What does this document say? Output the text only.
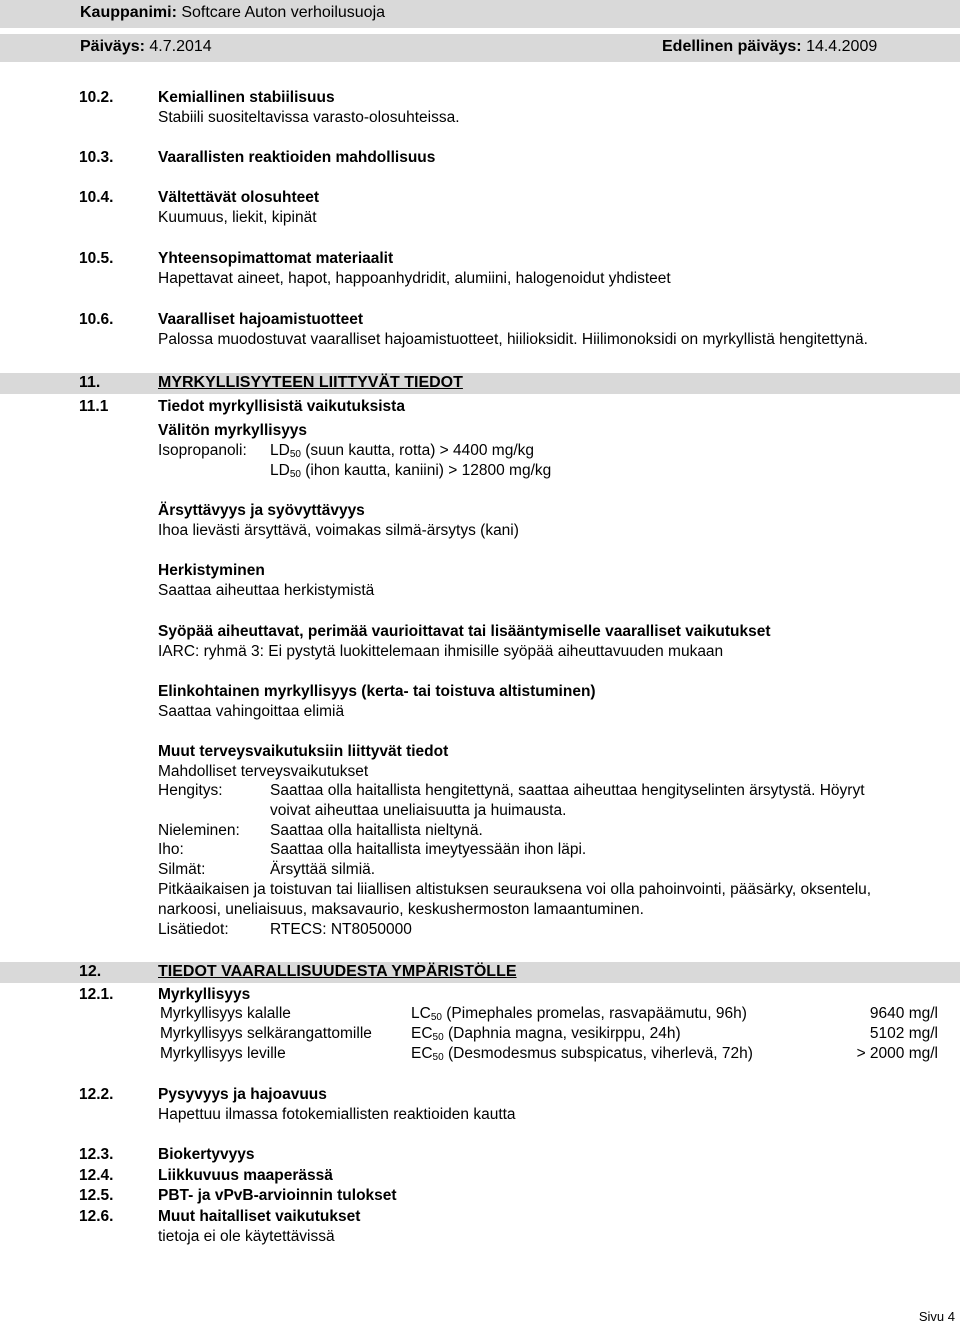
Kauppanimi: Softcare Auton verhoilusuoja
Päiväys: 4.7.2014	Edellinen päiväys: 14.4.2009
10.2.	Kemiallinen stabiilisuus
Stabiili suositeltavissa varasto-olosuhteissa.
10.3.	Vaarallisten reaktioiden mahdollisuus
10.4.	Vältettävät olosuhteet
Kuumuus, liekit, kipinät
10.5.	Yhteensopimattomat materiaalit
Hapettavat aineet, hapot, happoanhydridit, alumiini, halogenoidut yhdisteet
10.6.	Vaaralliset hajoamistuotteet
Palossa muodostuvat vaaralliset hajoamistuotteet, hiilioksidit. Hiilimonoksidi on myrkyllistä hengitettynä.
11.	MYRKYLLISYYTEEN LIITTYVÄT TIEDOT
11.1	Tiedot myrkyllisistä vaikutuksista
Välitön myrkyllisyys
Isopropanoli: $LD_{50}$ (suun kautta, rotta) > 4400 mg/kg
$LD_{50}$ (ihon kautta, kaniini) > 12800 mg/kg
Ärsyttävyys ja syövyttävyys
Ihoa lievästi ärsyttävä, voimakas silmä-ärsytys (kani)
Herkistyminen
Saattaa aiheuttaa herkistymistä
Syöpää aiheuttavat, perimää vaurioittavat tai lisääntymiselle vaaralliset vaikutukset
IARC: ryhmä 3: Ei pystytä luokittelemaan ihmisille syöpää aiheuttavuuden mukaan
Elinkohtainen myrkyllisyys (kerta- tai toistuva altistuminen)
Saattaa vahingoittaa elimiä
Muut terveysvaikutuksiin liittyvät tiedot
Mahdolliset terveysvaikutukset
Hengitys:	Saattaa olla haitallista hengitettynä, saattaa aiheuttaa hengityselinten ärsytystä. Höyryt
voivat aiheuttaa uneliaisuutta ja huimausta.
Nieleminen: Saattaa olla haitallista nieltynä.
Iho:	Saattaa olla haitallista imeytyessään ihon läpi.
Silmät:	Ärsyttää silmiä.
Pitkäaikaisen ja toistuvan tai liiallisen altistuksen seurauksena voi olla pahoinvointi, pääsärky, oksentelu,
narkoosi, uneliaisuus, maksavaurio, keskushermoston lamaantuminen.
Lisätiedot:	RTECS: NT8050000
12.	TIEDOT VAARALLISUUDESTA YMPÄRISTÖLLE
12.1.	Myrkyllisyys
Myrkyllisyys kalalle	$LC_{50}$ (Pimephales promelas, rasvapäämutu, 96h)	9640 mg/l
Myrkyllisyys selkärangattomille	$EC_{50}$ (Daphnia magna, vesikirppu, 24h)	5102 mg/l
Myrkyllisyys leville	$EC_{50}$ (Desmodesmus subspicatus, viherlevä, 72h)	> 2000 mg/l
12.2.	Pysyvyys ja hajoavuus
Hapettuu ilmassa fotokemiallisten reaktioiden kautta
12.3.	Biokertyvyys
12.4.	Liikkuvuus maaperässä
12.5.	PBT- ja vPvB-arvioinnin tulokset
12.6.	Muut haitalliset vaikutukset
tietoja ei ole käytettävissä
Sivu 4
